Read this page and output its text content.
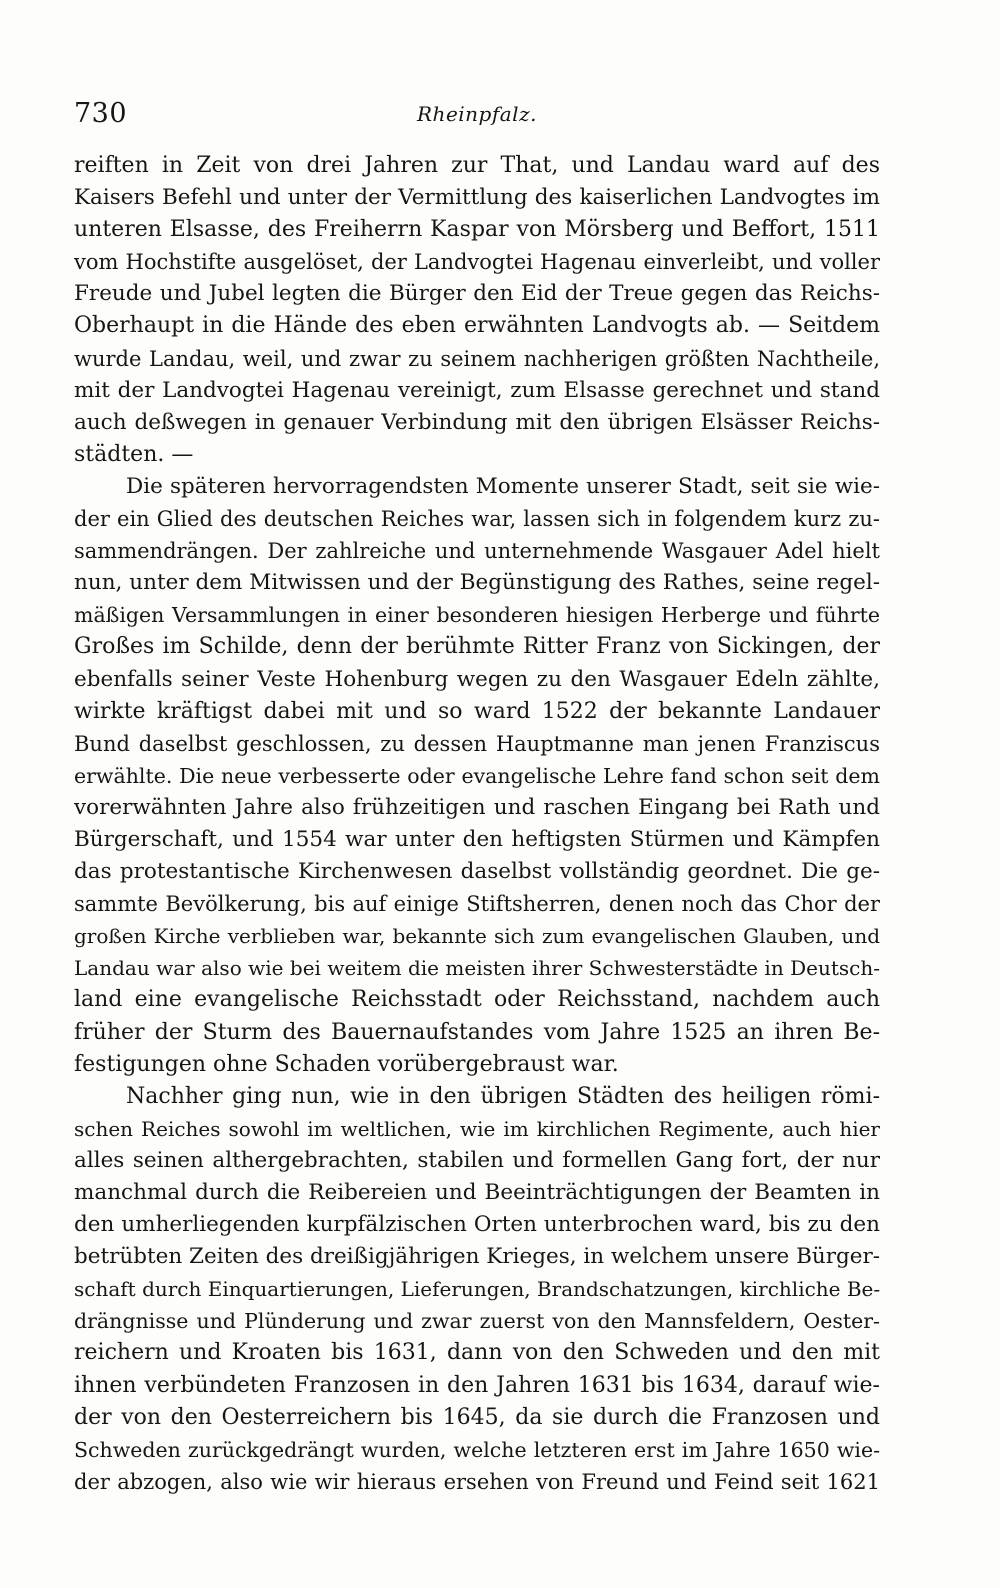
730	Rheinpfalz.
reiften in Zeit von drei Jahren zur That, und Landau ward auf des
Kaisers Befehl und unter der Vermittlung des kaiserlichen Landvogtes im
unteren Elsasse, des Freiherrn Kaspar von Mörsberg und Beffort, 1511
vom Hochstifte ausgelöset, der Landvogtei Hagenau einverleibt, und voller
Freude und Jubel legten die Bürger den Eid der Treue gegen das Reichs-
Oberhaupt in die Hände des eben erwähnten Landvogts ab. — Seitdem
wurde Landau, weil, und zwar zu seinem nachherigen größten Nachtheile,
mit der Landvogtei Hagenau vereinigt, zum Elsasse gerechnet und stand
auch deßwegen in genauer Verbindung mit den übrigen Elsässer Reichs-
städten. —
Die späteren hervorragendsten Momente unserer Stadt, seit sie wie-
der ein Glied des deutschen Reiches war, lassen sich in folgendem kurz zu-
sammendrängen. Der zahlreiche und unternehmende Wasgauer Adel hielt
nun, unter dem Mitwissen und der Begünstigung des Rathes, seine regel-
mäßigen Versammlungen in einer besonderen hiesigen Herberge und führte
Großes im Schilde, denn der berühmte Ritter Franz von Sickingen, der
ebenfalls seiner Veste Hohenburg wegen zu den Wasgauer Edeln zählte,
wirkte kräftigst dabei mit und so ward 1522 der bekannte Landauer
Bund daselbst geschlossen, zu dessen Hauptmanne man jenen Franziscus
erwählte. Die neue verbesserte oder evangelische Lehre fand schon seit dem
vorerwähnten Jahre also frühzeitigen und raschen Eingang bei Rath und
Bürgerschaft, und 1554 war unter den heftigsten Stürmen und Kämpfen
das protestantische Kirchenwesen daselbst vollständig geordnet. Die ge-
sammte Bevölkerung, bis auf einige Stiftsherren, denen noch das Chor der
großen Kirche verblieben war, bekannte sich zum evangelischen Glauben, und
Landau war also wie bei weitem die meisten ihrer Schwesterstädte in Deutsch-
land eine evangelische Reichsstadt oder Reichsstand, nachdem auch
früher der Sturm des Bauernaufstandes vom Jahre 1525 an ihren Be-
festigungen ohne Schaden vorübergebraust war.
Nachher ging nun, wie in den übrigen Städten des heiligen römi-
schen Reiches sowohl im weltlichen, wie im kirchlichen Regimente, auch hier
alles seinen althergebrachten, stabilen und formellen Gang fort, der nur
manchmal durch die Reibereien und Beeinträchtigungen der Beamten in
den umherliegenden kurpfälzischen Orten unterbrochen ward, bis zu den
betrübten Zeiten des dreißigjährigen Krieges, in welchem unsere Bürger-
schaft durch Einquartierungen, Lieferungen, Brandschatzungen, kirchliche Be-
drängnisse und Plünderung und zwar zuerst von den Mannsfeldern, Oester-
reichern und Kroaten bis 1631, dann von den Schweden und den mit
ihnen verbündeten Franzosen in den Jahren 1631 bis 1634, darauf wie-
der von den Oesterreichern bis 1645, da sie durch die Franzosen und
Schweden zurückgedrängt wurden, welche letzteren erst im Jahre 1650 wie-
der abzogen, also wie wir hieraus ersehen von Freund und Feind seit 1621
